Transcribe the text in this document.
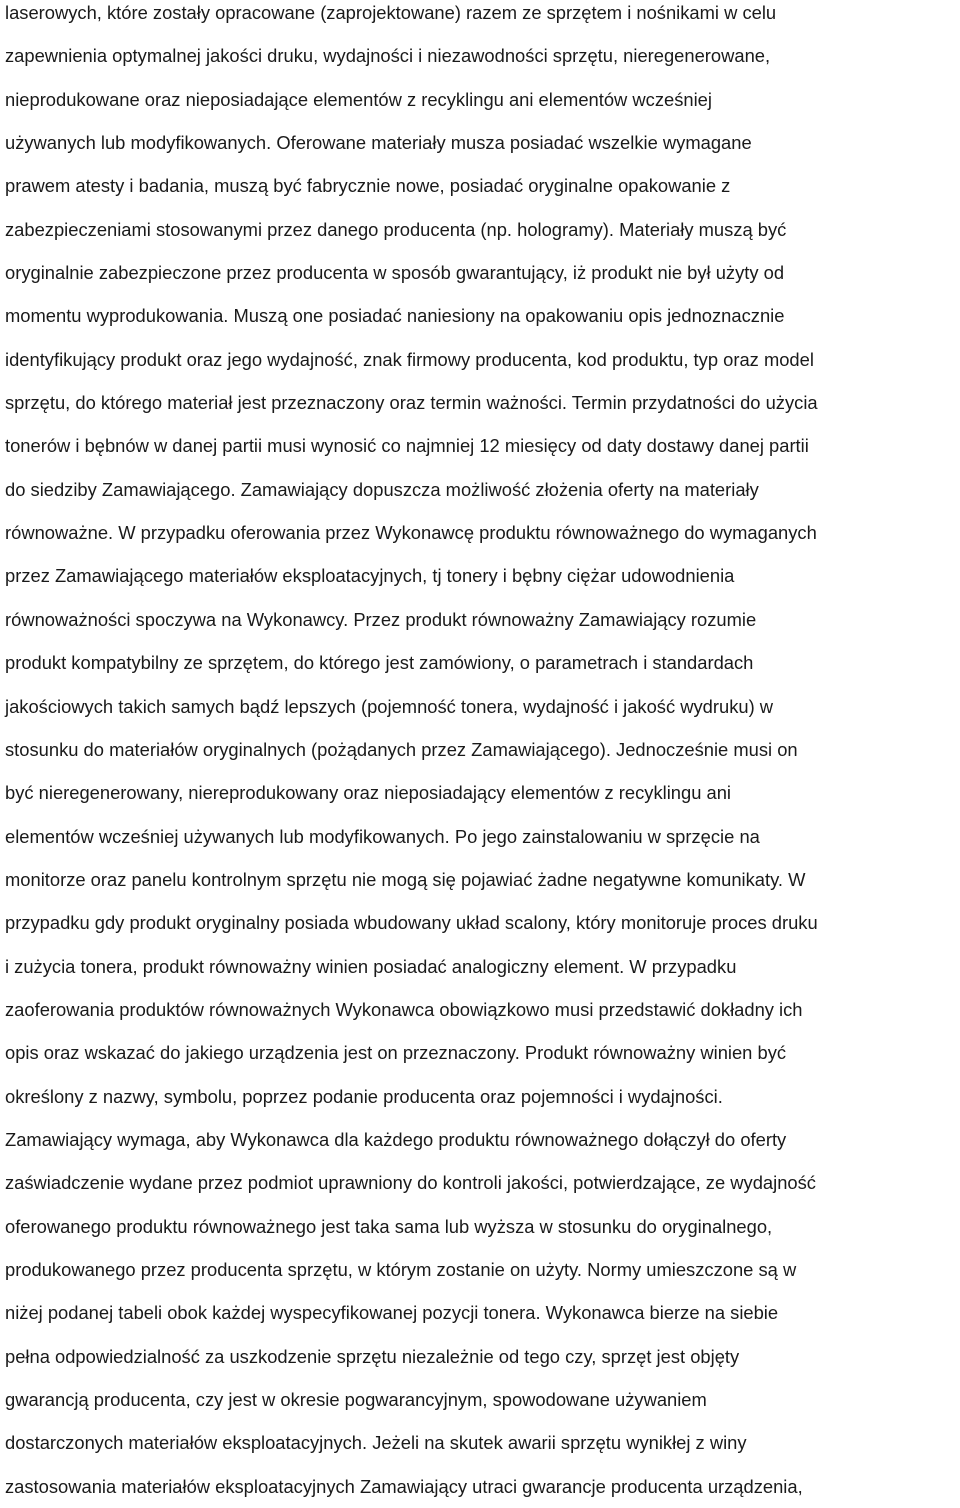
laserowych, które zostały opracowane (zaprojektowane) razem ze sprzętem i nośnikami w celu
zapewnienia optymalnej jakości druku, wydajności i niezawodności sprzętu, nieregenerowane,
nieprodukowane oraz nieposiadające elementów z recyklingu ani elementów wcześniej
używanych lub modyfikowanych. Oferowane materiały musza posiadać wszelkie wymagane
prawem atesty i badania, muszą być fabrycznie nowe, posiadać oryginalne opakowanie z
zabezpieczeniami stosowanymi przez danego producenta (np. hologramy). Materiały muszą być
oryginalnie zabezpieczone przez producenta w sposób gwarantujący, iż produkt nie był użyty od
momentu wyprodukowania. Muszą one posiadać naniesiony na opakowaniu opis jednoznacznie
identyfikujący produkt oraz jego wydajność, znak firmowy producenta, kod produktu, typ oraz model
sprzętu, do którego materiał jest przeznaczony oraz termin ważności. Termin przydatności do użycia
tonerów i bębnów w danej partii musi wynosić co najmniej 12 miesięcy od daty dostawy danej partii
do siedziby Zamawiającego. Zamawiający dopuszcza możliwość złożenia oferty na materiały
równoważne. W przypadku oferowania przez Wykonawcę produktu równoważnego do wymaganych
przez Zamawiającego materiałów eksploatacyjnych, tj tonery i bębny ciężar udowodnienia
równoważności spoczywa na Wykonawcy. Przez produkt równoważny Zamawiający rozumie
produkt kompatybilny ze sprzętem, do którego jest zamówiony, o parametrach i standardach
jakościowych takich samych bądź lepszych (pojemność tonera, wydajność i jakość wydruku) w
stosunku do materiałów oryginalnych (pożądanych przez Zamawiającego). Jednocześnie musi on
być nieregenerowany, niereprodukowany oraz nieposiadający elementów z recyklingu ani
elementów wcześniej używanych lub modyfikowanych. Po jego zainstalowaniu w sprzęcie na
monitorze oraz panelu kontrolnym sprzętu nie mogą się pojawiać żadne negatywne komunikaty. W
przypadku gdy produkt oryginalny posiada wbudowany układ scalony, który monitoruje proces druku
i zużycia tonera, produkt równoważny winien posiadać analogiczny element. W przypadku
zaoferowania produktów równoważnych Wykonawca obowiązkowo musi przedstawić dokładny ich
opis oraz wskazać do jakiego urządzenia jest on przeznaczony. Produkt równoważny winien być
określony z nazwy, symbolu, poprzez podanie producenta oraz pojemności i wydajności.
Zamawiający wymaga, aby Wykonawca dla każdego produktu równoważnego dołączył do oferty
zaświadczenie wydane przez podmiot uprawniony do kontroli jakości, potwierdzające, ze wydajność
oferowanego produktu równoważnego jest taka sama lub wyższa w stosunku do oryginalnego,
produkowanego przez producenta sprzętu, w którym zostanie on użyty. Normy umieszczone są w
niżej podanej tabeli obok każdej wyspecyfikowanej pozycji tonera. Wykonawca bierze na siebie
pełna odpowiedzialność za uszkodzenie sprzętu niezależnie od tego czy, sprzęt jest objęty
gwarancją producenta, czy jest w okresie pogwarancyjnym, spowodowane używaniem
dostarczonych materiałów eksploatacyjnych. Jeżeli na skutek awarii sprzętu wynikłej z winy
zastosowania materiałów eksploatacyjnych Zamawiający utraci gwarancje producenta urządzenia,
